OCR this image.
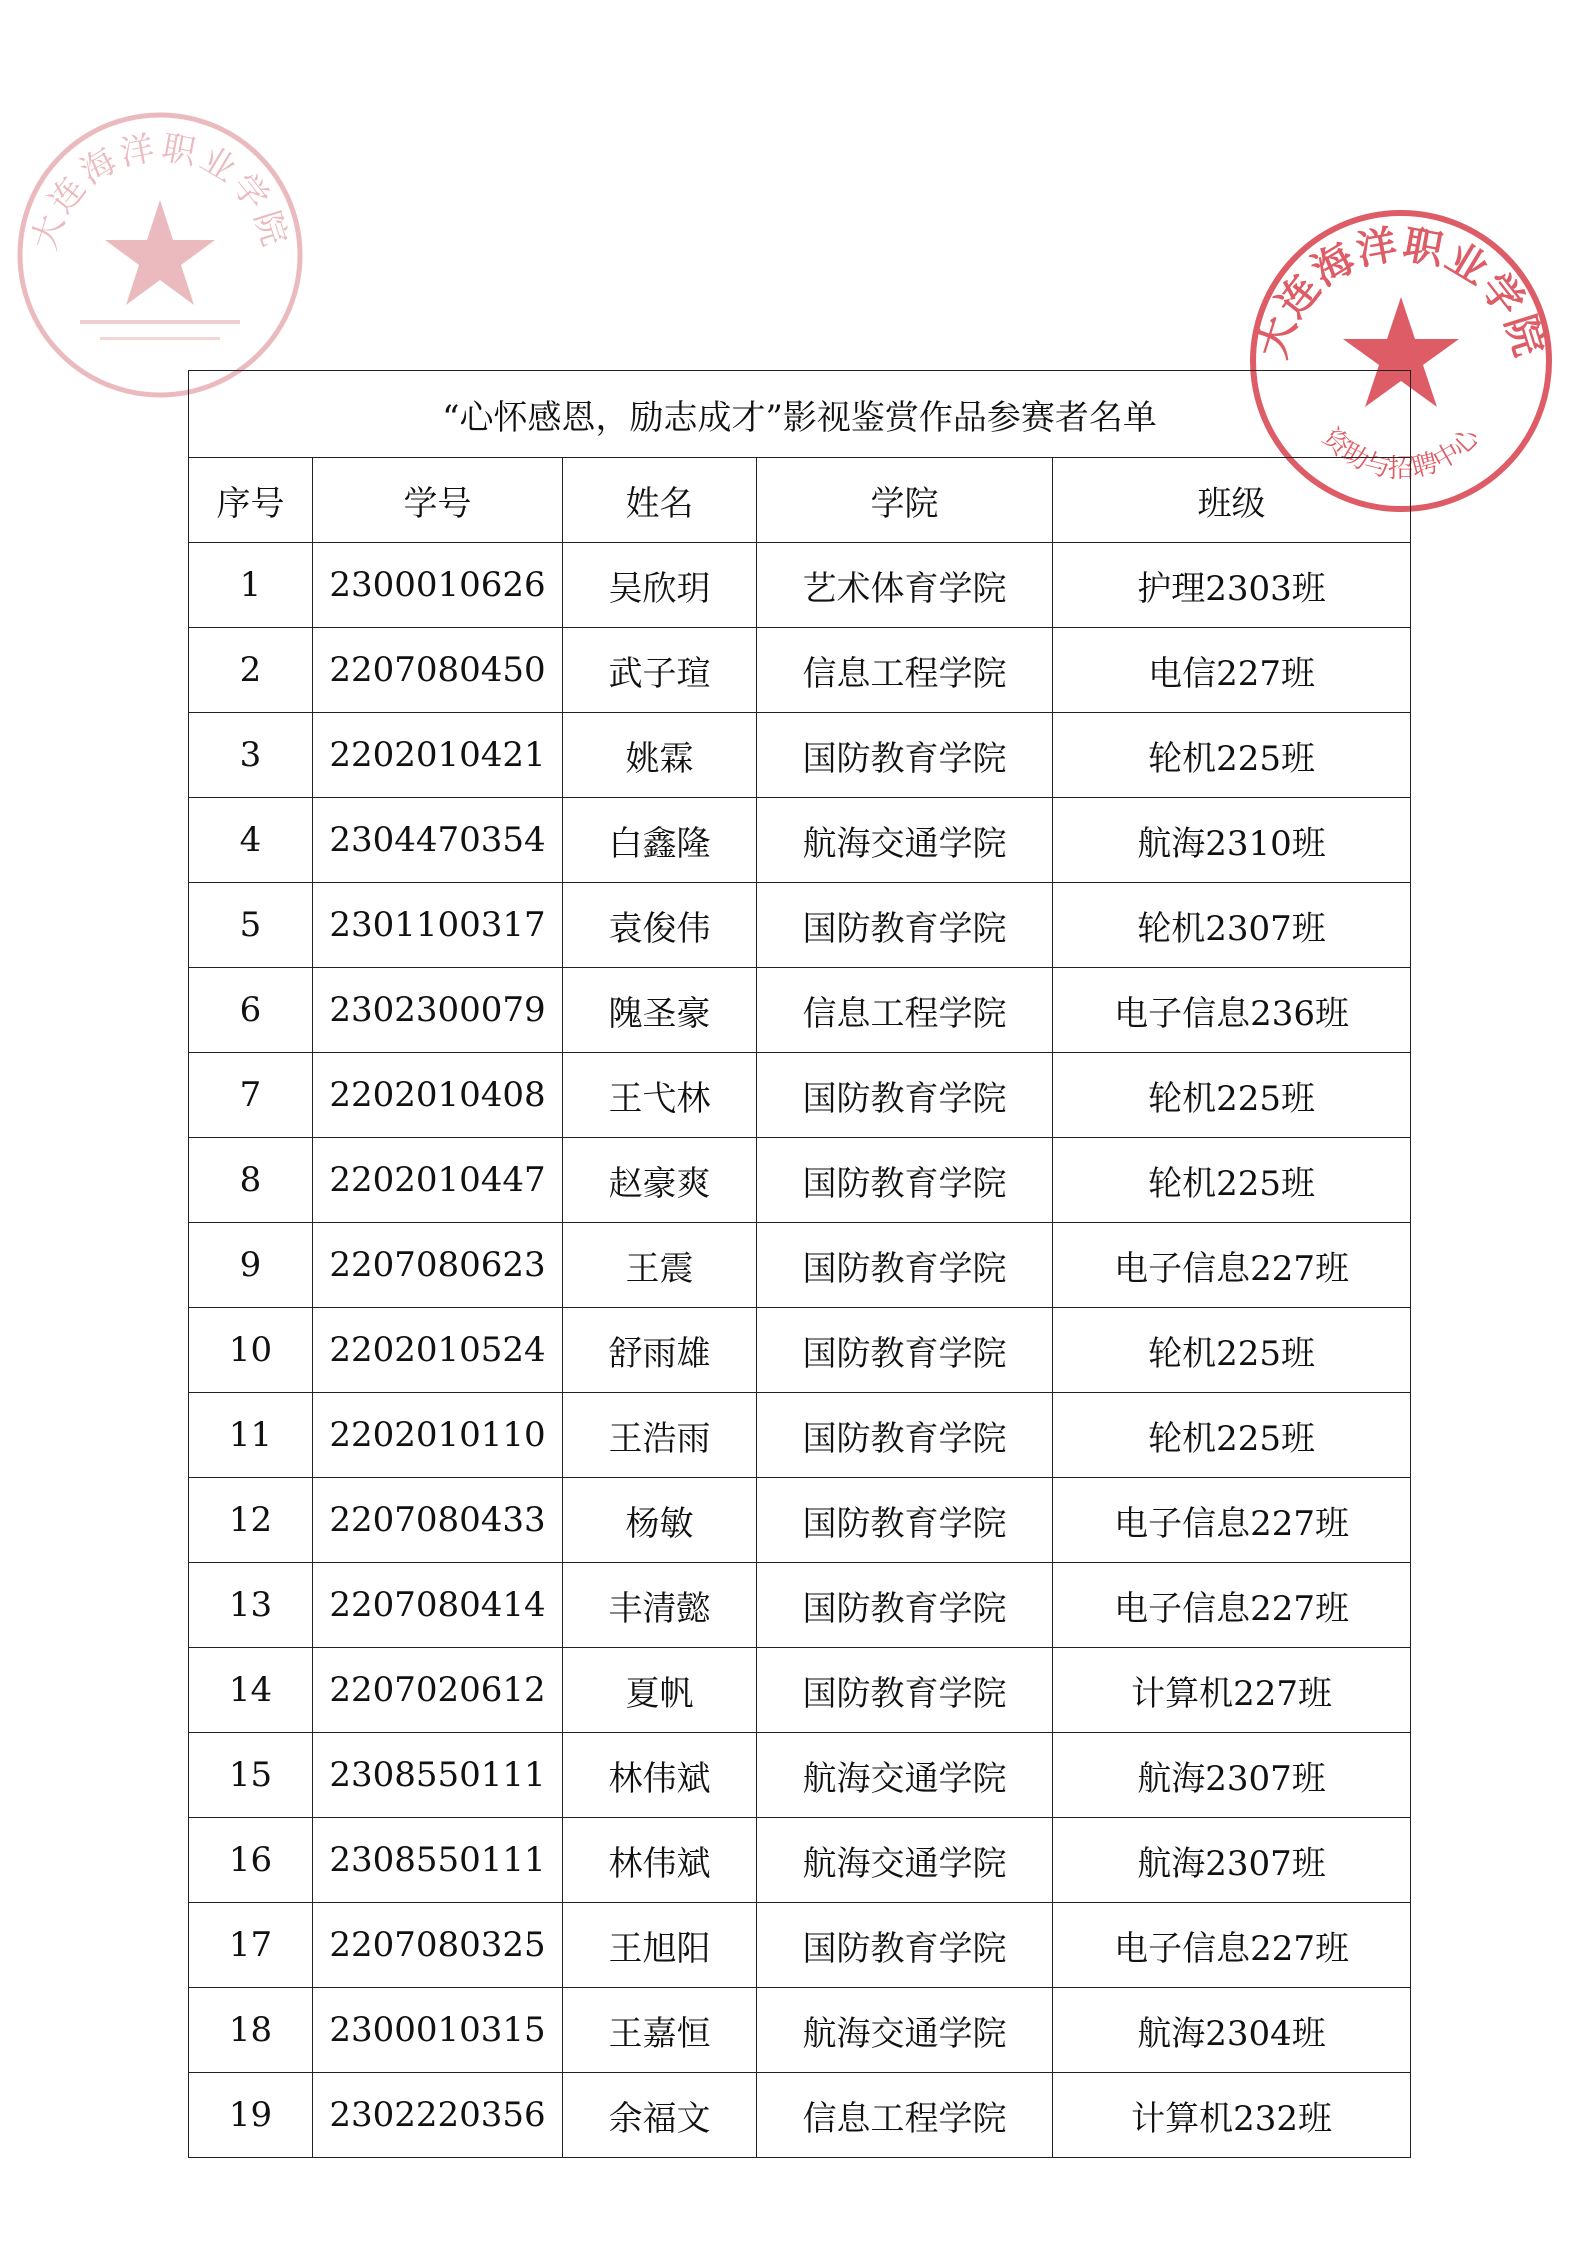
大连海洋职业学院
大连海洋职业学院
资助与招聘中心
“心怀感恩，励志成才”影视鉴赏作品参赛者名单				
序号	学号	姓名	学院	班级
1	2300010626	吴欣玥	艺术体育学院	护理2303班
2	2207080450	武子瑄	信息工程学院	电信227班
3	2202010421	姚霖	国防教育学院	轮机225班
4	2304470354	白鑫隆	航海交通学院	航海2310班
5	2301100317	袁俊伟	国防教育学院	轮机2307班
6	2302300079	隗圣豪	信息工程学院	电子信息236班
7	2202010408	王弋林	国防教育学院	轮机225班
8	2202010447	赵豪爽	国防教育学院	轮机225班
9	2207080623	王震	国防教育学院	电子信息227班
10	2202010524	舒雨雄	国防教育学院	轮机225班
11	2202010110	王浩雨	国防教育学院	轮机225班
12	2207080433	杨敏	国防教育学院	电子信息227班
13	2207080414	丰清懿	国防教育学院	电子信息227班
14	2207020612	夏帆	国防教育学院	计算机227班
15	2308550111	林伟斌	航海交通学院	航海2307班
16	2308550111	林伟斌	航海交通学院	航海2307班
17	2207080325	王旭阳	国防教育学院	电子信息227班
18	2300010315	王嘉恒	航海交通学院	航海2304班
19	2302220356	余福文	信息工程学院	计算机232班
